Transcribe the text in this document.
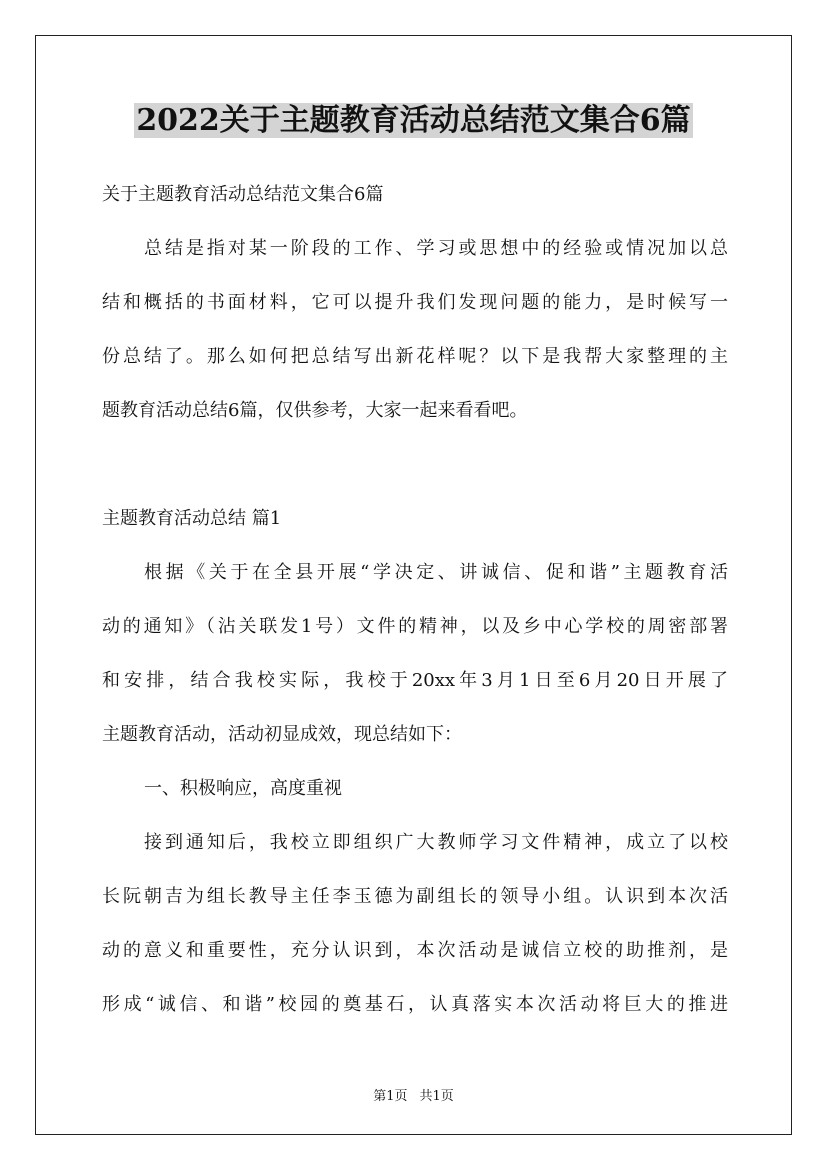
2022关于主题教育活动总结范文集合6篇
关于主题教育活动总结范文集合6篇
总结是指对某一阶段的工作、学习或思想中的经验或情况加以总
结和概括的书面材料，它可以提升我们发现问题的能力，是时候写一
份总结了。那么如何把总结写出新花样呢？以下是我帮大家整理的主
题教育活动总结6篇，仅供参考，大家一起来看看吧。
主题教育活动总结 篇1
根据《关于在全县开展“学决定、讲诚信、促和谐”主题教育活
动的通知》（沾关联发1号）文件的精神，以及乡中心学校的周密部署
和安排，结合我校实际，我校于20xx年3月1日至6月20日开展了
主题教育活动，活动初显成效，现总结如下：
一、积极响应，高度重视
接到通知后，我校立即组织广大教师学习文件精神，成立了以校
长阮朝吉为组长教导主任李玉德为副组长的领导小组。认识到本次活
动的意义和重要性，充分认识到，本次活动是诚信立校的助推剂，是
形成“诚信、和谐”校园的奠基石，认真落实本次活动将巨大的推进
第1页 共1页
